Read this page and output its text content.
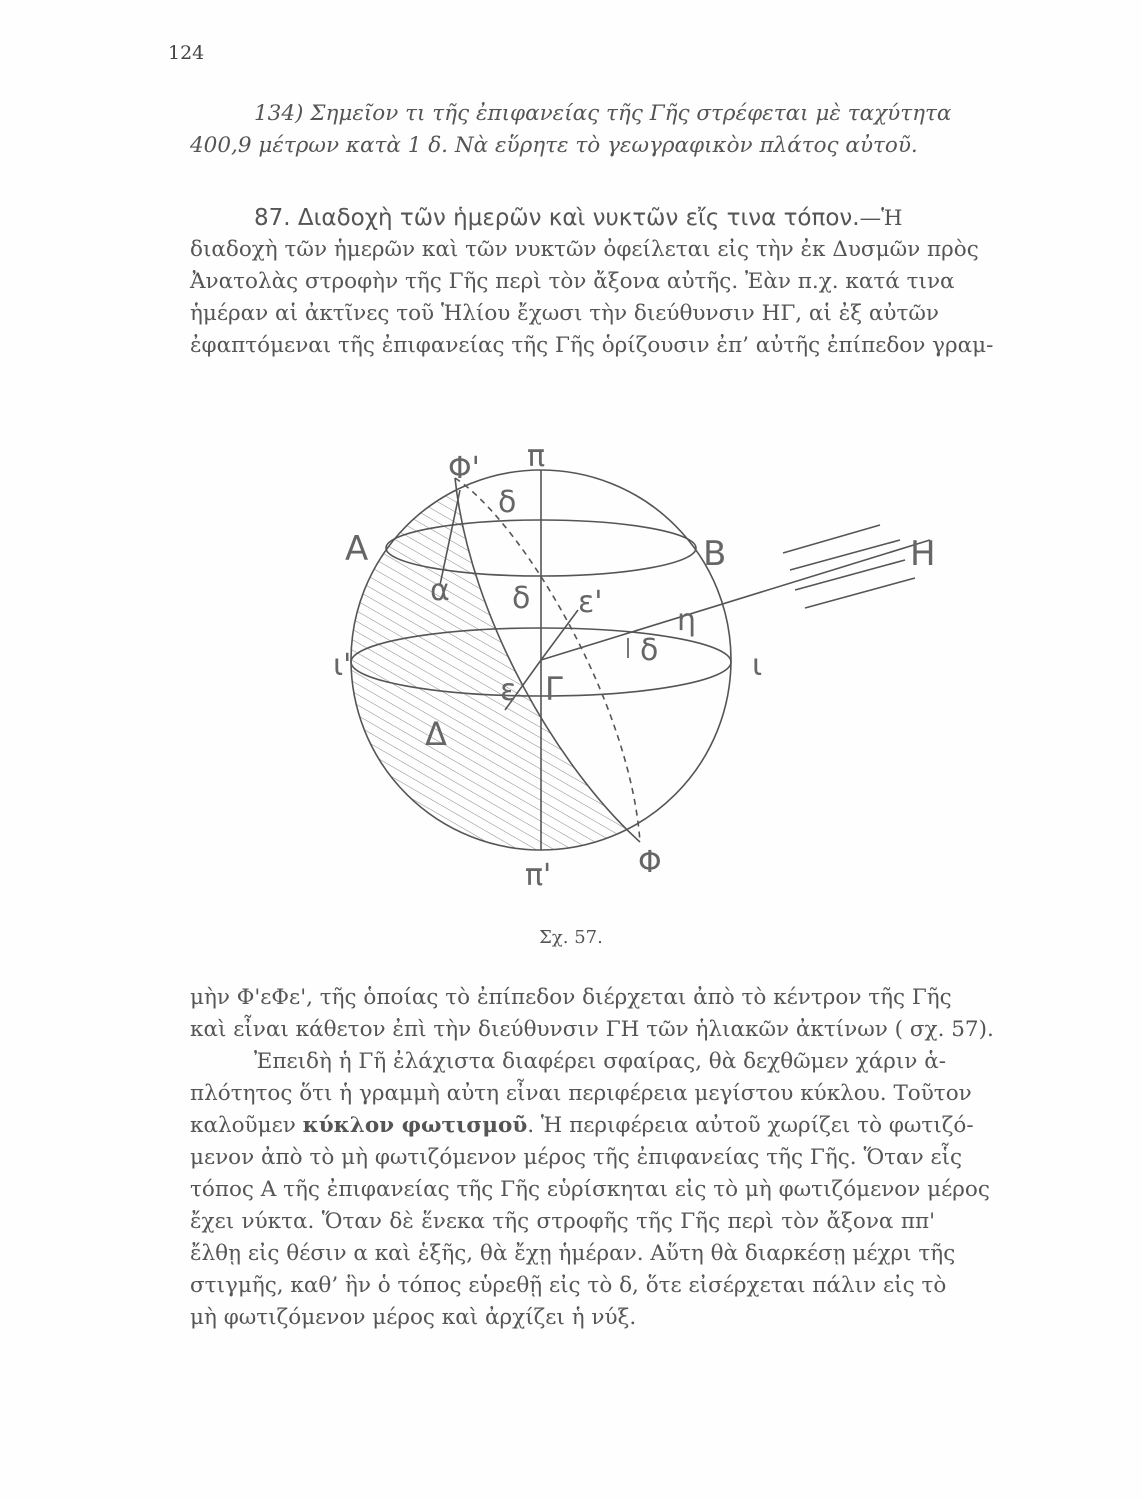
124
134) Σημεῖον τι τῆς ἐπιφανείας τῆς Γῆς στρέφεται μὲ ταχύτητα
400,9 μέτρων κατὰ 1 δ. Νὰ εὕρητε τὸ γεωγραφικὸν πλάτος αὐτοῦ.
87. Διαδοχὴ τῶν ἡμερῶν καὶ νυκτῶν εἴς τινα τόπον.—Ἡ
διαδοχὴ τῶν ἡμερῶν καὶ τῶν νυκτῶν ὀφείλεται εἰς τὴν ἐκ Δυσμῶν πρὸς
Ἀνατολὰς στροφὴν τῆς Γῆς περὶ τὸν ἄξονα αὐτῆς. Ἐὰν π.χ. κατά τινα
ἡμέραν αἱ ἀκτῖνες τοῦ Ἡλίου ἔχωσι τὴν διεύθυνσιν ΗΓ, αἱ ἐξ αὐτῶν
ἐφαπτόμεναι τῆς ἐπιφανείας τῆς Γῆς ὁρίζουσιν ἐπ’ αὐτῆς ἐπίπεδον γραμ-
Φ' π
δ
Α	Β
α δ ε'
η
δ
ι'	ι
Γ
ε
Δ
π'	Φ
Η
Σχ. 57.
μὴν Φ'εΦε', τῆς ὁποίας τὸ ἐπίπεδον διέρχεται ἀπὸ τὸ κέντρον τῆς Γῆς
καὶ εἶναι κάθετον ἐπὶ τὴν διεύθυνσιν ΓΗ τῶν ἡλιακῶν ἀκτίνων ( σχ. 57).
Ἐπειδὴ ἡ Γῆ ἐλάχιστα διαφέρει σφαίρας, θὰ δεχθῶμεν χάριν ἁ-
πλότητος ὅτι ἡ γραμμὴ αὐτη εἶναι περιφέρεια μεγίστου κύκλου. Τοῦτον
καλοῦμεν κύκλον φωτισμοῦ. Ἡ περιφέρεια αὐτοῦ χωρίζει τὸ φωτιζό-
μενον ἀπὸ τὸ μὴ φωτιζόμενον μέρος τῆς ἐπιφανείας τῆς Γῆς. Ὅταν εἷς
τόπος Α τῆς ἐπιφανείας τῆς Γῆς εὑρίσκηται εἰς τὸ μὴ φωτιζόμενον μέρος
ἔχει νύκτα. Ὅταν δὲ ἕνεκα τῆς στροφῆς τῆς Γῆς περὶ τὸν ἄξονα ππ'
ἔλθῃ εἰς θέσιν α καὶ ἑξῆς, θὰ ἔχῃ ἡμέραν. Αὕτη θὰ διαρκέσῃ μέχρι τῆς
στιγμῆς, καθ’ ἣν ὁ τόπος εὑρεθῇ εἰς τὸ δ, ὅτε εἰσέρχεται πάλιν εἰς τὸ
μὴ φωτιζόμενον μέρος καὶ ἀρχίζει ἡ νύξ.
